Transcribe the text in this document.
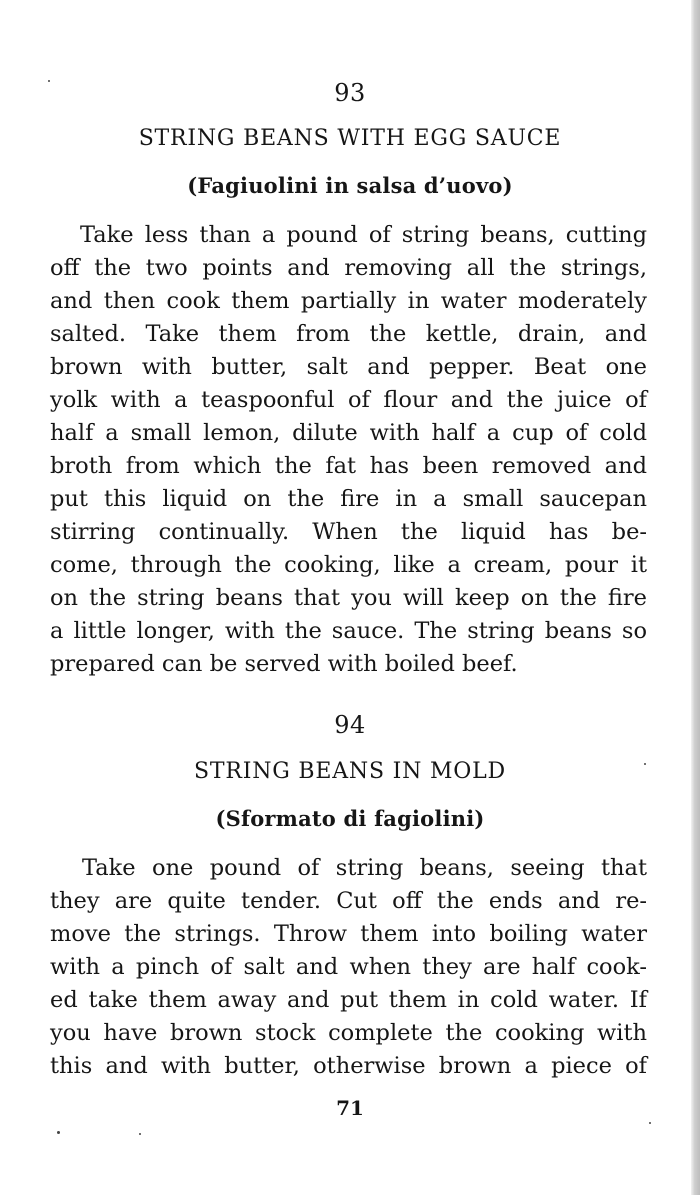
93
STRING BEANS WITH EGG SAUCE
(Fagiuolini in salsa d’uovo)
Take less than a pound of string beans, cutting
off the two points and removing all the strings,
and then cook them partially in water moderately
salted. Take them from the kettle, drain, and
brown with butter, salt and pepper. Beat one
yolk with a teaspoonful of flour and the juice of
half a small lemon, dilute with half a cup of cold
broth from which the fat has been removed and
put this liquid on the fire in a small saucepan
stirring continually. When the liquid has be-
come, through the cooking, like a cream, pour it
on the string beans that you will keep on the fire
a little longer, with the sauce. The string beans so
prepared can be served with boiled beef.
94
STRING BEANS IN MOLD
(Sformato di fagiolini)
Take one pound of string beans, seeing that
they are quite tender. Cut off the ends and re-
move the strings. Throw them into boiling water
with a pinch of salt and when they are half cook-
ed take them away and put them in cold water. If
you have brown stock complete the cooking with
this and with butter, otherwise brown a piece of
71
